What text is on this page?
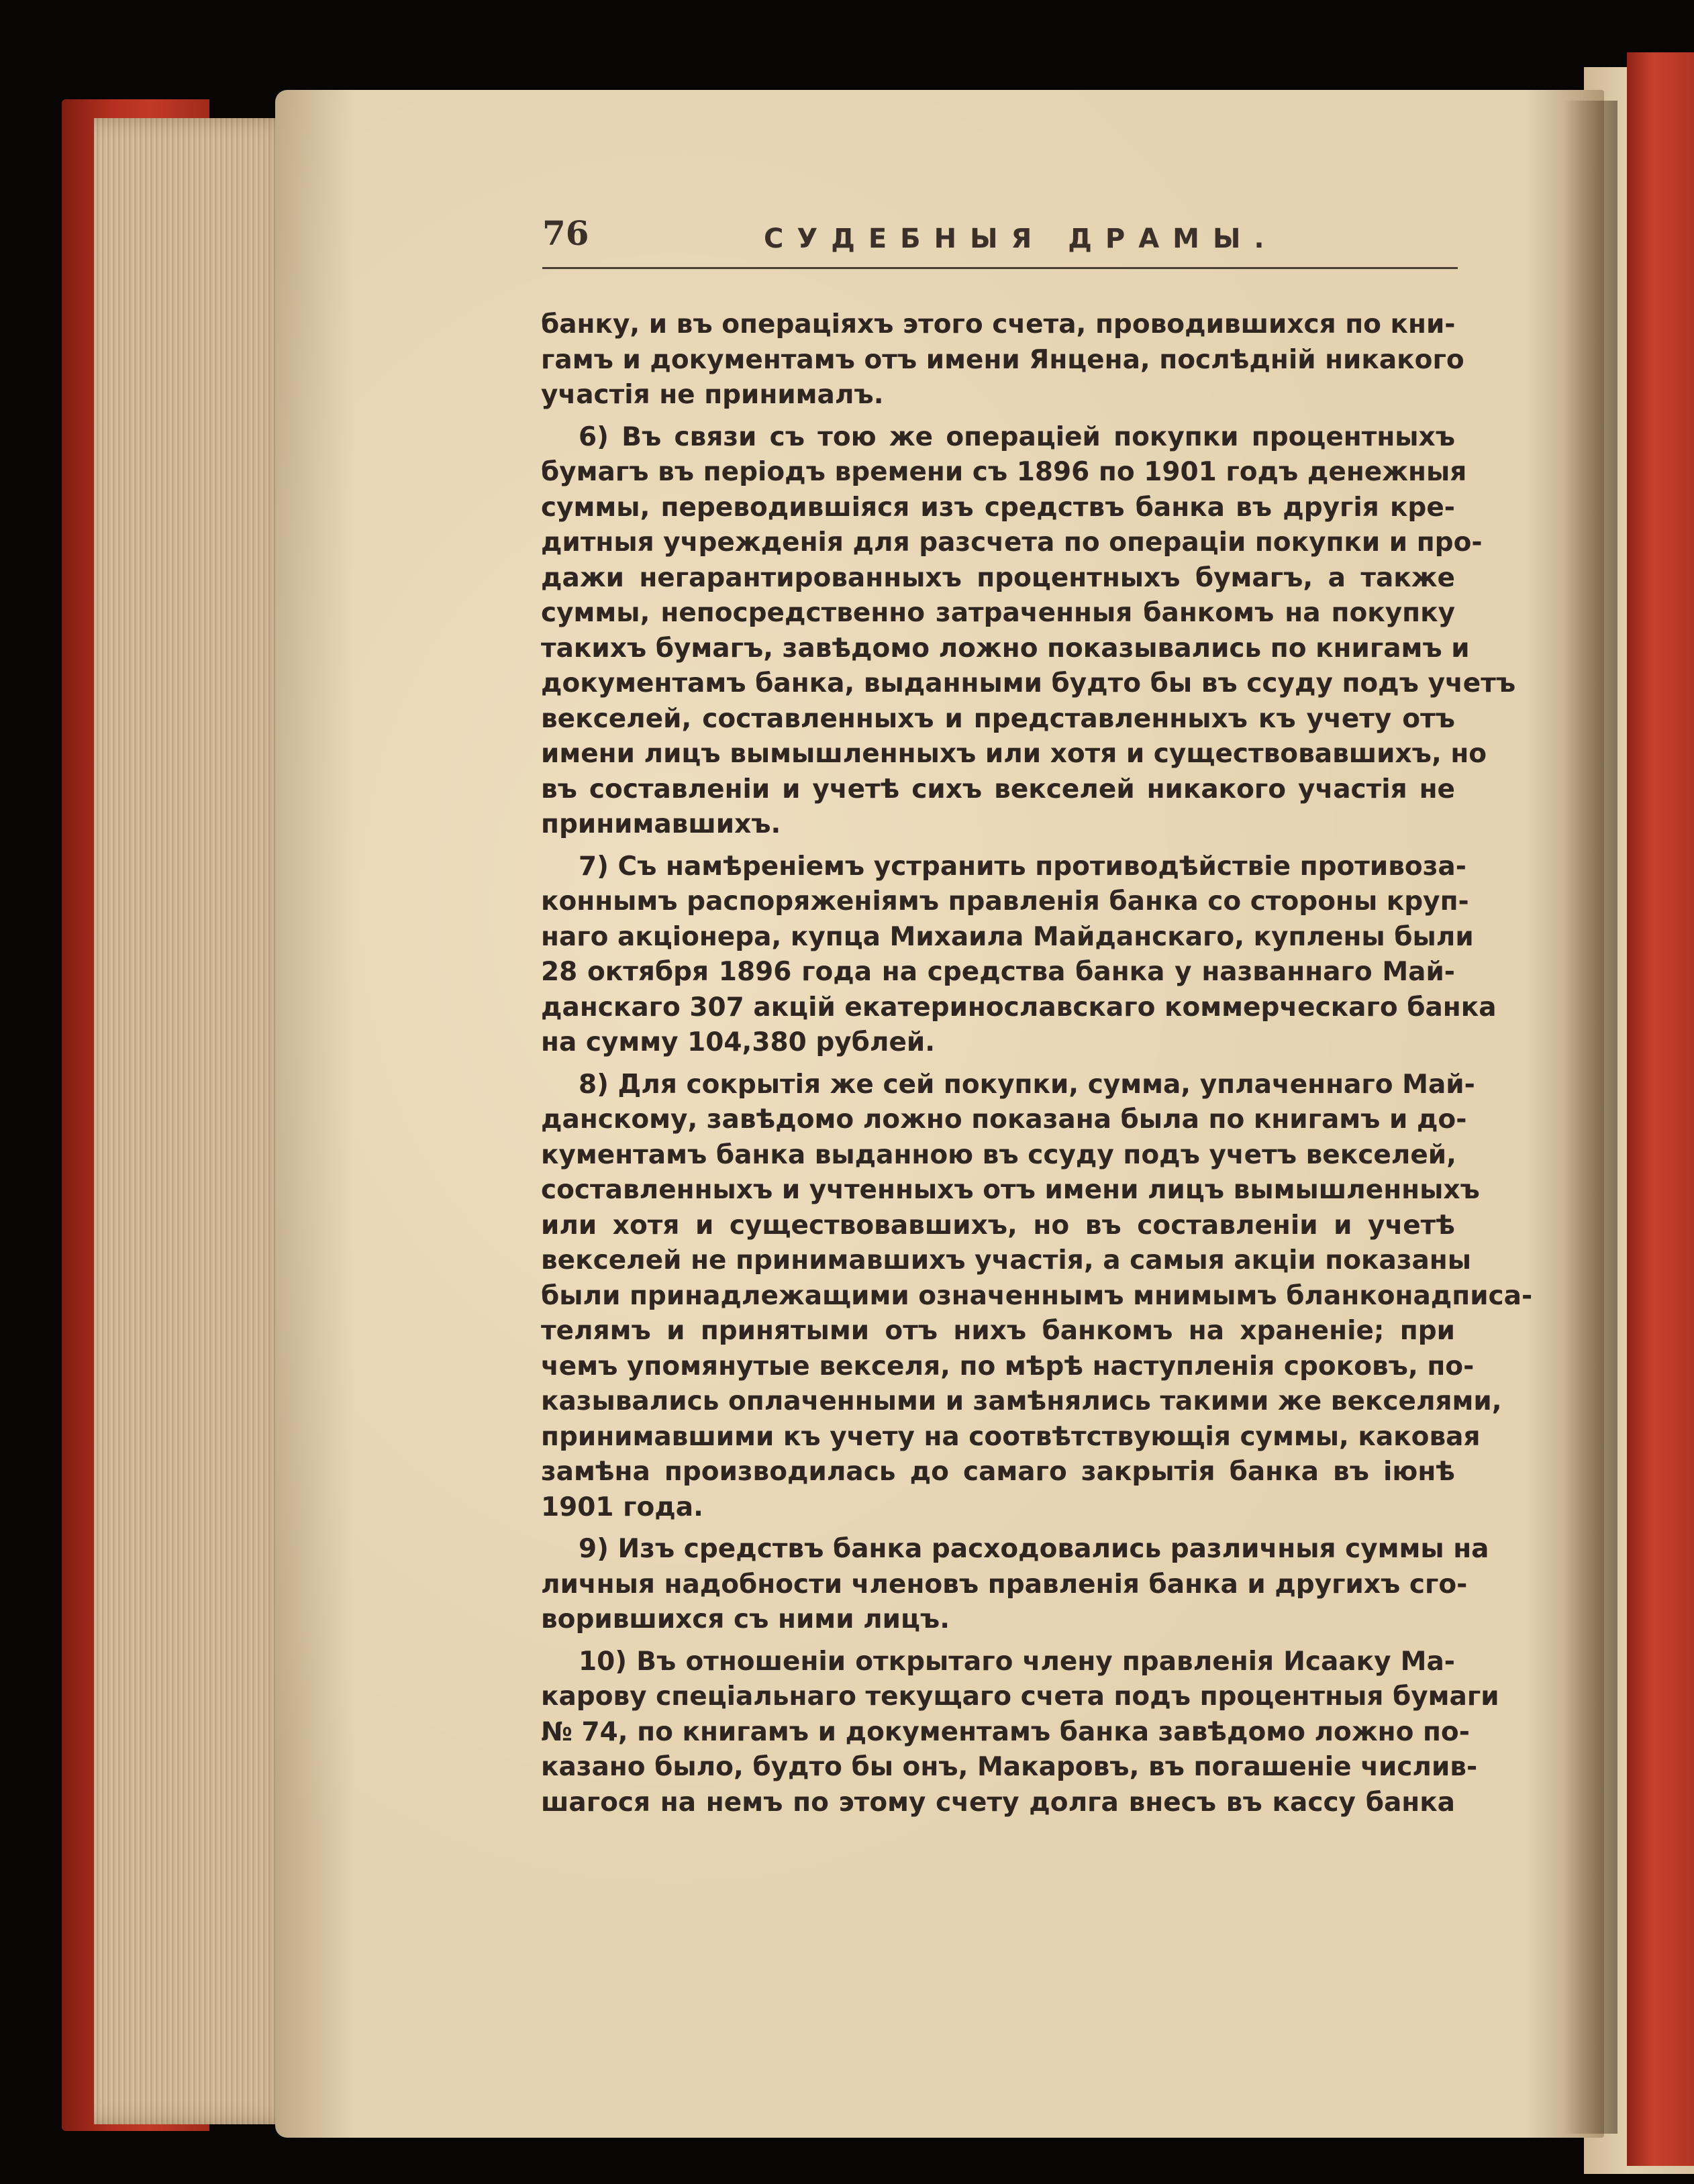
76	СУДЕБНЫЯ ДРАМЫ.
банку, и въ операціяхъ этого счета, проводившихся по кни-
гамъ и документамъ отъ имени Янцена, послѣдній никакого
участія не принималъ.
6) Въ связи съ тою же операціей покупки процентныхъ
бумагъ въ періодъ времени съ 1896 по 1901 годъ денежныя
суммы, переводившіяся изъ средствъ банка въ другія кре-
дитныя учрежденія для разсчета по операціи покупки и про-
дажи негарантированныхъ процентныхъ бумагъ, а также
суммы, непосредственно затраченныя банкомъ на покупку
такихъ бумагъ, завѣдомо ложно показывались по книгамъ и
документамъ банка, выданными будто бы въ ссуду подъ учетъ
векселей, составленныхъ и представленныхъ къ учету отъ
имени лицъ вымышленныхъ или хотя и существовавшихъ, но
въ составленіи и учетѣ сихъ векселей никакого участія не
принимавшихъ.
7) Съ намѣреніемъ устранить противодѣйствіе противоза-
коннымъ распоряженіямъ правленія банка со стороны круп-
наго акціонера, купца Михаила Майданскаго, куплены были
28 октября 1896 года на средства банка у названнаго Май-
данскаго 307 акцій екатеринославскаго коммерческаго банка
на сумму 104,380 рублей.
8) Для сокрытія же сей покупки, сумма, уплаченнаго Май-
данскому, завѣдомо ложно показана была по книгамъ и до-
кументамъ банка выданною въ ссуду подъ учетъ векселей,
составленныхъ и учтенныхъ отъ имени лицъ вымышленныхъ
или хотя и существовавшихъ, но въ составленіи и учетѣ
векселей не принимавшихъ участія, а самыя акціи показаны
были принадлежащими означеннымъ мнимымъ бланконадписа-
телямъ и принятыми отъ нихъ банкомъ на храненіе; при
чемъ упомянутые векселя, по мѣрѣ наступленія сроковъ, по-
казывались оплаченными и замѣнялись такими же векселями,
принимавшими къ учету на соотвѣтствующія суммы, каковая
замѣна производилась до самаго закрытія банка въ іюнѣ
1901 года.
9) Изъ средствъ банка расходовались различныя суммы на
личныя надобности членовъ правленія банка и другихъ сго-
ворившихся съ ними лицъ.
10) Въ отношеніи открытаго члену правленія Исааку Ма-
карову спеціальнаго текущаго счета подъ процентныя бумаги
№ 74, по книгамъ и документамъ банка завѣдомо ложно по-
казано было, будто бы онъ, Макаровъ, въ погашеніе числив-
шагося на немъ по этому счету долга внесъ въ кассу банка
